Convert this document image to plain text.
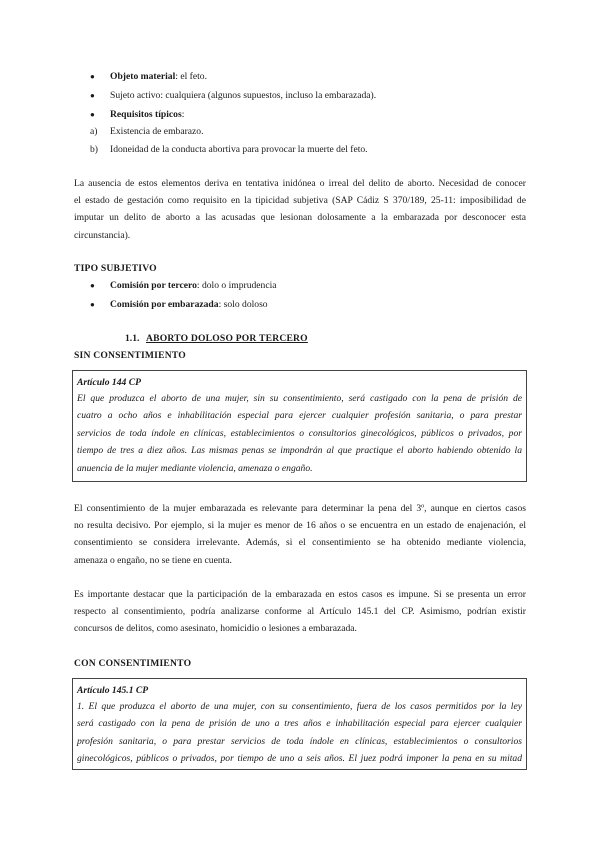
● Objeto material: el feto.
● Sujeto activo: cualquiera (algunos supuestos, incluso la embarazada).
● Requisitos típicos:
a) Existencia de embarazo.
b) Idoneidad de la conducta abortiva para provocar la muerte del feto.
La ausencia de estos elementos deriva en tentativa inidónea o irreal del delito de aborto. Necesidad de conocer
el estado de gestación como requisito en la tipicidad subjetiva (SAP Cádiz S 370/189, 25-11: imposibilidad de
imputar un delito de aborto a las acusadas que lesionan dolosamente a la embarazada por desconocer esta
circunstancia).
TIPO SUBJETIVO
● Comisión por tercero: dolo o imprudencia
● Comisión por embarazada: solo doloso
1.1. ABORTO DOLOSO POR TERCERO
SIN CONSENTIMIENTO
Artículo 144 CP
El que produzca el aborto de una mujer, sin su consentimiento, será castigado con la pena de prisión de
cuatro a ocho años e inhabilitación especial para ejercer cualquier profesión sanitaria, o para prestar
servicios de toda índole en clínicas, establecimientos o consultorios ginecológicos, públicos o privados, por
tiempo de tres a diez años. Las mismas penas se impondrán al que practique el aborto habiendo obtenido la
anuencia de la mujer mediante violencia, amenaza o engaño.
El consentimiento de la mujer embarazada es relevante para determinar la pena del 3º, aunque en ciertos casos
no resulta decisivo. Por ejemplo, si la mujer es menor de 16 años o se encuentra en un estado de enajenación, el
consentimiento se considera irrelevante. Además, si el consentimiento se ha obtenido mediante violencia,
amenaza o engaño, no se tiene en cuenta.
Es importante destacar que la participación de la embarazada en estos casos es impune. Si se presenta un error
respecto al consentimiento, podría analizarse conforme al Artículo 145.1 del CP. Asimismo, podrían existir
concursos de delitos, como asesinato, homicidio o lesiones a embarazada.
CON CONSENTIMIENTO
Artículo 145.1 CP
1. El que produzca el aborto de una mujer, con su consentimiento, fuera de los casos permitidos por la ley
será castigado con la pena de prisión de uno a tres años e inhabilitación especial para ejercer cualquier
profesión sanitaria, o para prestar servicios de toda índole en clínicas, establecimientos o consultorios
ginecológicos, públicos o privados, por tiempo de uno a seis años. El juez podrá imponer la pena en su mitad
